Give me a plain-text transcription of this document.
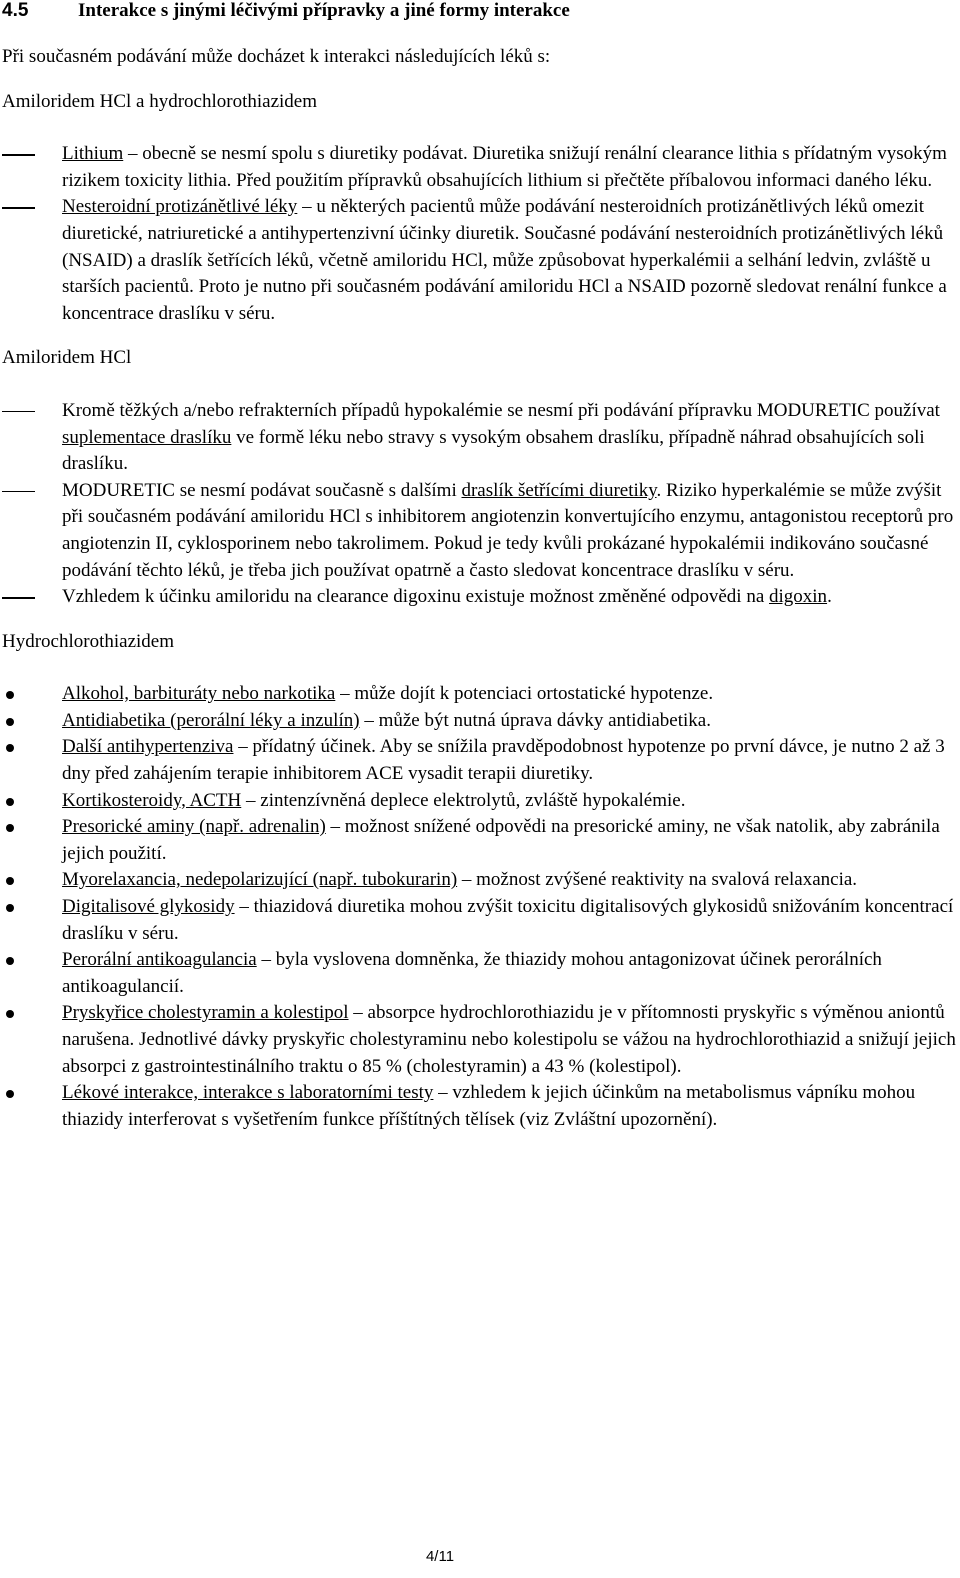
4.5	Interakce s jinými léčivými přípravky a jiné formy interakce

Při současném podávání může docházet k interakci následujících léků s:

Amiloridem HCl a hydrochlorothiazidem

Lithium – obecně se nesmí spolu s diuretiky podávat. Diuretika snižují renální clearance lithia s přídatným vysokým rizikem toxicity lithia. Před použitím přípravků obsahujících lithium si přečtěte příbalovou informaci daného léku.
Nesteroidní protizánětlivé léky – u některých pacientů může podávání nesteroidních protizánětlivých léků omezit diuretické, natriuretické a antihypertenzivní účinky diuretik. Současné podávání nesteroidních protizánětlivých léků (NSAID) a draslík šetřících léků, včetně amiloridu HCl, může způsobovat hyperkalémii a selhání ledvin, zvláště u starších pacientů. Proto je nutno při současném podávání amiloridu HCl a NSAID pozorně sledovat renální funkce a koncentrace draslíku v séru.

Amiloridem HCl

Kromě těžkých a/nebo refrakterních případů hypokalémie se nesmí při podávání přípravku MODURETIC používat suplementace draslíku ve formě léku nebo stravy s vysokým obsahem draslíku, případně náhrad obsahujících soli draslíku.
MODURETIC se nesmí podávat současně s dalšími draslík šetřícími diuretiky. Riziko hyperkalémie se může zvýšit při současném podávání amiloridu HCl s inhibitorem angiotenzin konvertujícího enzymu, antagonistou receptorů pro angiotenzin II, cyklosporinem nebo takrolimem. Pokud je tedy kvůli prokázané hypokalémii indikováno současné podávání těchto léků, je třeba jich používat opatrně a často sledovat koncentrace draslíku v séru.
Vzhledem k účinku amiloridu na clearance digoxinu existuje možnost změněné odpovědi na digoxin.

Hydrochlorothiazidem

Alkohol, barbituráty nebo narkotika – může dojít k potenciaci ortostatické hypotenze.
Antidiabetika (perorální léky a inzulín) – může být nutná úprava dávky antidiabetika.
Další antihypertenziva – přídatný účinek. Aby se snížila pravděpodobnost hypotenze po první dávce, je nutno 2 až 3 dny před zahájením terapie inhibitorem ACE vysadit terapii diuretiky.
Kortikosteroidy, ACTH – zintenzívněná deplece elektrolytů, zvláště hypokalémie.
Presorické aminy (např. adrenalin) – možnost snížené odpovědi na presorické aminy, ne však natolik, aby zabránila jejich použití.
Myorelaxancia, nedepolarizující (např. tubokurarin) – možnost zvýšené reaktivity na svalová relaxancia.
Digitalisové glykosidy – thiazidová diuretika mohou zvýšit toxicitu digitalisových glykosidů snižováním koncentrací draslíku v séru.
Perorální antikoagulancia – byla vyslovena domněnka, že thiazidy mohou antagonizovat účinek perorálních antikoagulancií.
Pryskyřice cholestyramin a kolestipol – absorpce hydrochlorothiazidu je v přítomnosti pryskyřic s výměnou aniontů narušena. Jednotlivé dávky pryskyřic cholestyraminu nebo kolestipolu se vážou na hydrochlorothiazid a snižují jejich absorpci z gastrointestinálního traktu o 85 % (cholestyramin) a 43 % (kolestipol).
Lékové interakce, interakce s laboratorními testy – vzhledem k jejich účinkům na metabolismus vápníku mohou thiazidy interferovat s vyšetřením funkce příštítných tělísek (viz Zvláštní upozornění).
4/11
